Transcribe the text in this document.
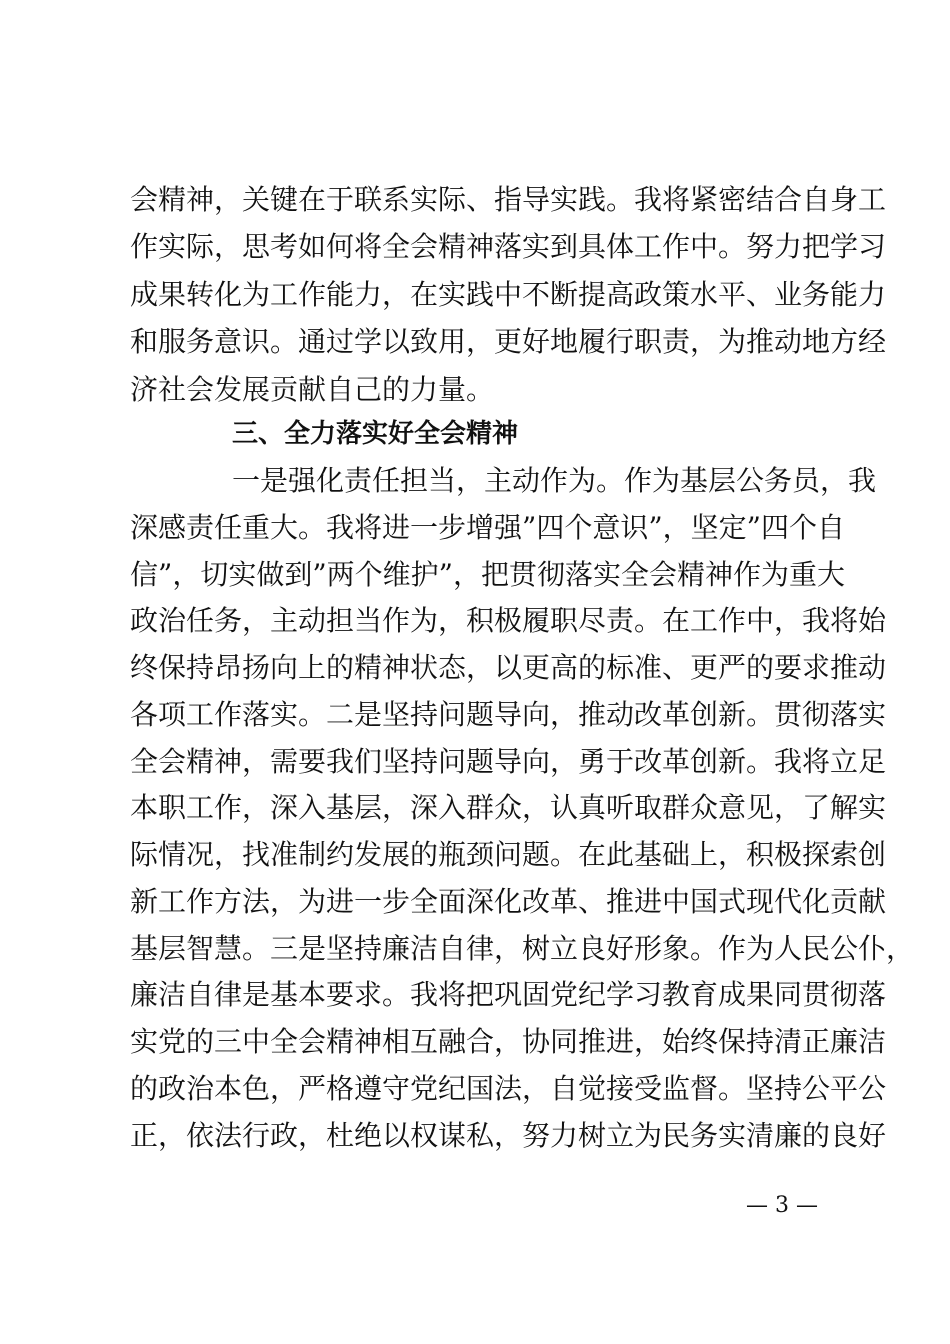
会精神，关键在于联系实际、指导实践。我将紧密结合自身工
作实际，思考如何将全会精神落实到具体工作中。努力把学习
成果转化为工作能力，在实践中不断提高政策水平、业务能力
和服务意识。通过学以致用，更好地履行职责，为推动地方经
济社会发展贡献自己的力量。
三、全力落实好全会精神
一是强化责任担当，主动作为。作为基层公务员，我
深感责任重大。我将进一步增强”四个意识”，坚定”四个自
信”，切实做到”两个维护”，把贯彻落实全会精神作为重大
政治任务，主动担当作为，积极履职尽责。在工作中，我将始
终保持昂扬向上的精神状态，以更高的标准、更严的要求推动
各项工作落实。二是坚持问题导向，推动改革创新。贯彻落实
全会精神，需要我们坚持问题导向，勇于改革创新。我将立足
本职工作，深入基层，深入群众，认真听取群众意见，了解实
际情况，找准制约发展的瓶颈问题。在此基础上，积极探索创
新工作方法，为进一步全面深化改革、推进中国式现代化贡献
基层智慧。三是坚持廉洁自律，树立良好形象。作为人民公仆，
廉洁自律是基本要求。我将把巩固党纪学习教育成果同贯彻落
实党的三中全会精神相互融合，协同推进，始终保持清正廉洁
的政治本色，严格遵守党纪国法，自觉接受监督。坚持公平公
正，依法行政，杜绝以权谋私，努力树立为民务实清廉的良好
— 3 —
